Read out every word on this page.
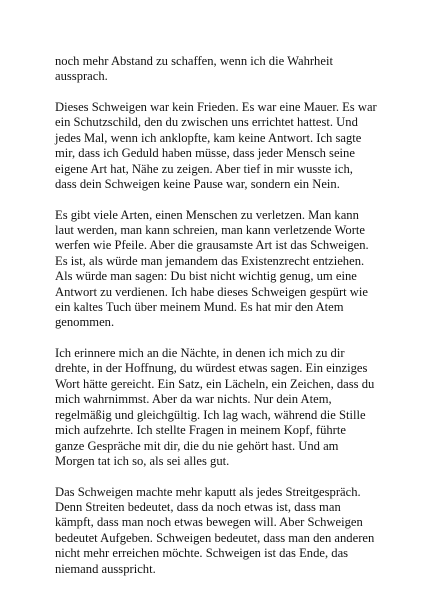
noch mehr Abstand zu schaffen, wenn ich die Wahrheit
aussprach.

Dieses Schweigen war kein Frieden. Es war eine Mauer. Es war
ein Schutzschild, den du zwischen uns errichtet hattest. Und
jedes Mal, wenn ich anklopfte, kam keine Antwort. Ich sagte
mir, dass ich Geduld haben müsse, dass jeder Mensch seine
eigene Art hat, Nähe zu zeigen. Aber tief in mir wusste ich,
dass dein Schweigen keine Pause war, sondern ein Nein.

Es gibt viele Arten, einen Menschen zu verletzen. Man kann
laut werden, man kann schreien, man kann verletzende Worte
werfen wie Pfeile. Aber die grausamste Art ist das Schweigen.
Es ist, als würde man jemandem das Existenzrecht entziehen.
Als würde man sagen: Du bist nicht wichtig genug, um eine
Antwort zu verdienen. Ich habe dieses Schweigen gespürt wie
ein kaltes Tuch über meinem Mund. Es hat mir den Atem
genommen.

Ich erinnere mich an die Nächte, in denen ich mich zu dir
drehte, in der Hoffnung, du würdest etwas sagen. Ein einziges
Wort hätte gereicht. Ein Satz, ein Lächeln, ein Zeichen, dass du
mich wahrnimmst. Aber da war nichts. Nur dein Atem,
regelmäßig und gleichgültig. Ich lag wach, während die Stille
mich aufzehrte. Ich stellte Fragen in meinem Kopf, führte
ganze Gespräche mit dir, die du nie gehört hast. Und am
Morgen tat ich so, als sei alles gut.

Das Schweigen machte mehr kaputt als jedes Streitgespräch.
Denn Streiten bedeutet, dass da noch etwas ist, dass man
kämpft, dass man noch etwas bewegen will. Aber Schweigen
bedeutet Aufgeben. Schweigen bedeutet, dass man den anderen
nicht mehr erreichen möchte. Schweigen ist das Ende, das
niemand ausspricht.
